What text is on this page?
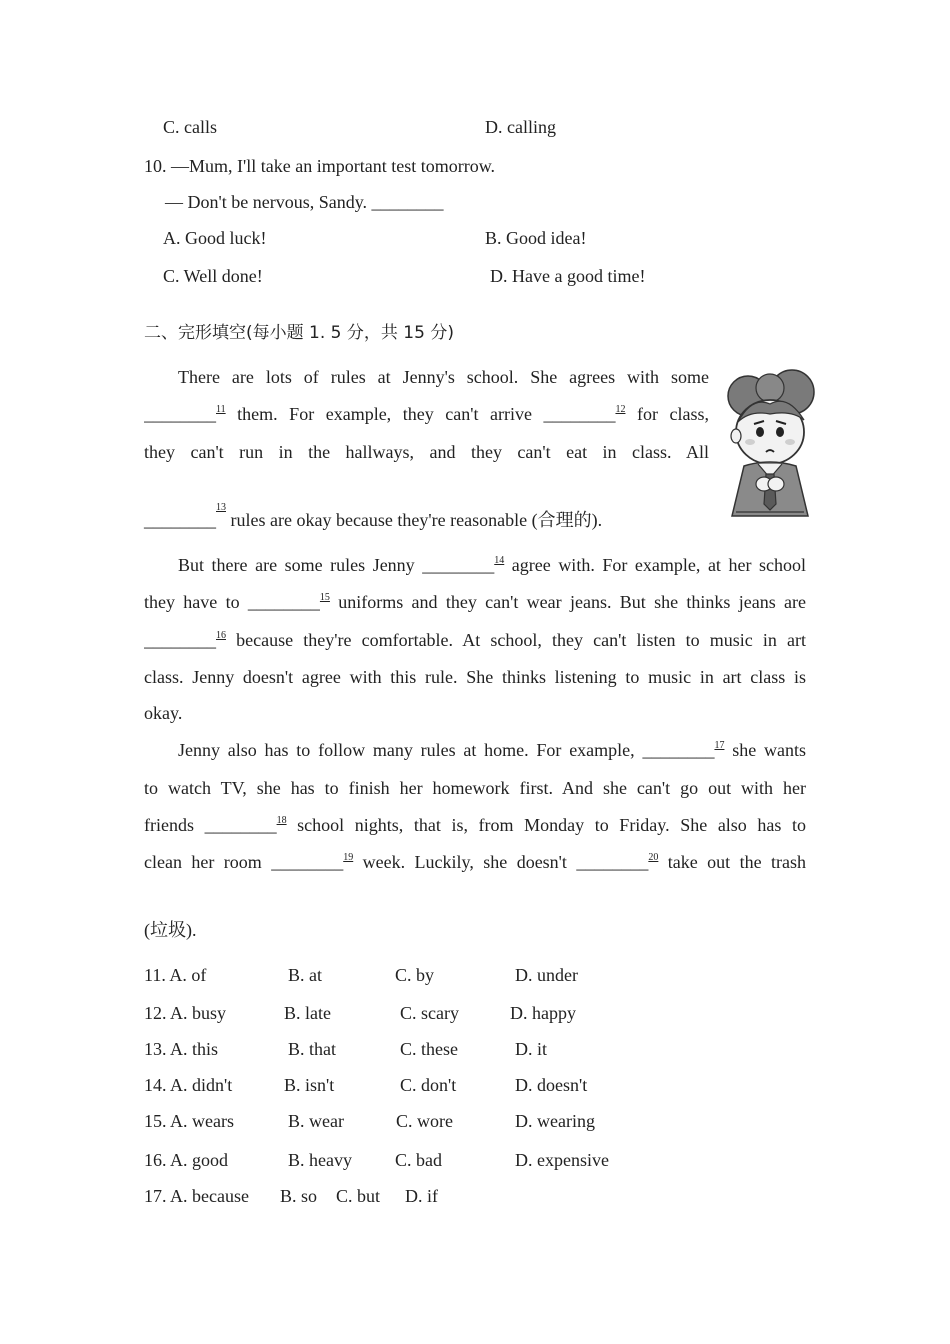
C. calls	D. calling
10. —Mum, I'll take an important test tomorrow.
— Don't be nervous, Sandy. ________
A. Good luck!	B. Good idea!
C. Well done!	D. Have a good time!
二、完形填空(每小题 1. 5 分，共 15 分)
There are lots of rules at Jenny's school. She agrees with some
________$^{11}$ them. For example, they can't arrive ________$^{12}$ for class,
they can't run in the hallways, and they can't eat in class. All
________$^{13}$ rules are okay because they're reasonable (合理的).
But there are some rules Jenny ________$^{14}$ agree with. For example, at her school
they have to ________$^{15}$ uniforms and they can't wear jeans. But she thinks jeans are
________$^{16}$ because they're comfortable. At school, they can't listen to music in art
class. Jenny doesn't agree with this rule. She thinks listening to music in art class is
okay.
Jenny also has to follow many rules at home. For example, ________$^{17}$ she wants
to watch TV, she has to finish her homework first. And she can't go out with her
friends ________$^{18}$ school nights, that is, from Monday to Friday. She also has to
clean her room ________$^{19}$ week. Luckily, she doesn't ________$^{20}$ take out the trash
(垃圾).
11. A. of	B. at	C. by	D. under
12. A. busy	B. late	C. scary	D. happy
13. A. this	B. that	C. these	D. it
14. A. didn't	B. isn't	C. don't	D. doesn't
15. A. wears	B. wear	C. wore	D. wearing
16. A. good	B. heavy C. bad	D. expensive
17. A. because B. so C. but D. if
